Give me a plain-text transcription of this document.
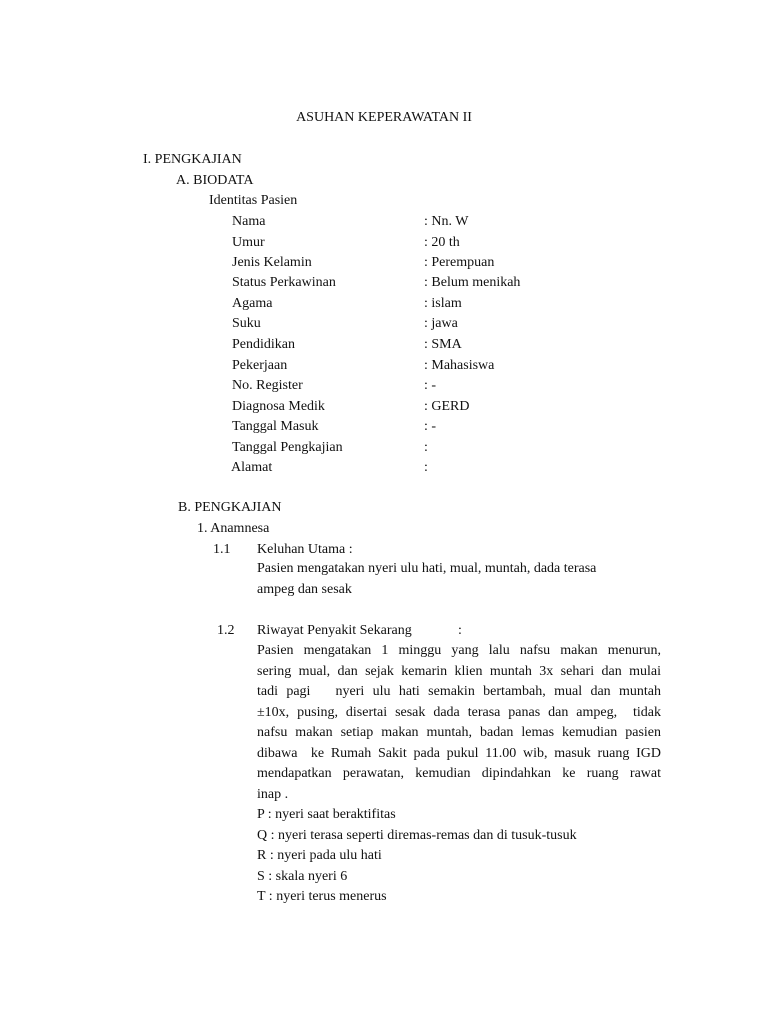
ASUHAN KEPERAWATAN II
I. PENGKAJIAN
A. BIODATA
Identitas Pasien
Nama	: Nn. W
Umur	: 20 th
Jenis Kelamin	: Perempuan
Status Perkawinan	: Belum menikah
Agama	: islam
Suku	: jawa
Pendidikan	: SMA
Pekerjaan	: Mahasiswa
No. Register	: -
Diagnosa Medik	: GERD
Tanggal Masuk	: -
Tanggal Pengkajian	:
Alamat	:
B. PENGKAJIAN
1. Anamnesa
1.1 Keluhan Utama :
Pasien mengatakan nyeri ulu hati, mual, muntah, dada terasa
ampeg dan sesak
1.2 Riwayat Penyakit Sekarang	:
Pasien mengatakan 1 minggu yang lalu nafsu makan menurun,
sering mual, dan sejak kemarin klien muntah 3x sehari dan mulai
tadi pagi   nyeri ulu hati semakin bertambah, mual dan muntah
±10x, pusing, disertai sesak dada terasa panas dan ampeg,  tidak
nafsu makan setiap makan muntah, badan lemas kemudian pasien
dibawa  ke Rumah Sakit pada pukul 11.00 wib, masuk ruang IGD
mendapatkan perawatan, kemudian dipindahkan ke ruang rawat
inap .
P : nyeri saat beraktifitas
Q : nyeri terasa seperti diremas-remas dan di tusuk-tusuk
R : nyeri pada ulu hati
S : skala nyeri 6
T : nyeri terus menerus
